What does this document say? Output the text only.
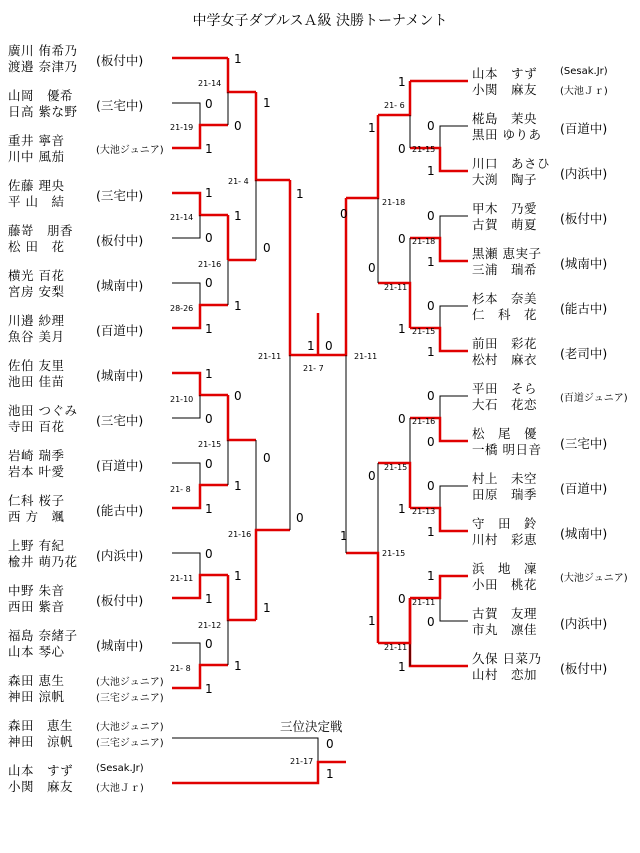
中学女子ダブルスＡ級 決勝トーナメント
21-19
0
1
21-14
1
0
21-14
1
0
28-26
0
1
21-16
1
1
21- 4
1
0
21-10
1
0
21- 8
0
1
21-15
0
1
21-11
0
1
21- 8
0
1
21-12
1
1
21-16
0
1
21-11
1
0
21- 7
1 0
21-15
0
1
21- 6
1
0
21-18
0
1
21-15
0
1
21-11
0
1
21-18
1
0
21-16
0
0
21-13
0
1
21-15
0
1
21-11
1
0
21-11
0
1
21-15
0
1
21-11
0
1
21-17
0
1
三位決定戦
廣川 侑希乃
渡邉 奈津乃 (板付中)
山岡　優希
日高 紫な野 (三宅中)
重井 寧音
川中 風茄	(大池ジュニア)
佐藤 理央
平 山　結	(三宅中)
藤嵜　朋香
松 田　花	(板付中)
横光 百花
宮房 安梨	(城南中)
川邉 紗理
魚谷 美月	(百道中)
佐伯 友里
池田 佳苗	(城南中)
池田 つぐみ
寺田 百花	(三宅中)
岩崎 瑞季
岩本 叶愛	(百道中)
仁科 桜子
西 方　颯	(能古中)
上野 有紀
楡井 萌乃花 (内浜中)
中野 朱音
西田 紫音	(板付中)
福島 奈緒子
山本 琴心	(城南中)
森田 恵生
神田 涼帆
(大池ジュニア)
(三宅ジュニア)
山本　すず
小関　麻友
(Sesak.Jr)
(大池Ｊｒ)
椛島　茉央
黒田 ゆりあ (百道中)
川口　あさひ
大渕　陶子	(内浜中)
甲木　乃愛
古賀　萌夏 (板付中)
黒瀬 恵実子
三浦　瑞希	(城南中)
杉本　奈美
仁　科　花 (能古中)
前田　彩花
松村　麻衣 (老司中)
平田　そら
大石　花恋 (百道ジュニア)
松　尾　優
一橋 明日音 (三宅中)
村上　未空
田原　瑞季 (百道中)
守　田　鈴
川村　彩恵 (城南中)
浜　地　凜
小田　桃花 (大池ジュニア)
古賀　友理
市丸　凛佳 (内浜中)
久保 日菜乃
山村　恋加	(板付中)
森田　恵生
神田　涼帆
(大池ジュニア)
(三宅ジュニア)
山本　すず
小関　麻友
(Sesak.Jr)
(大池Ｊｒ)
